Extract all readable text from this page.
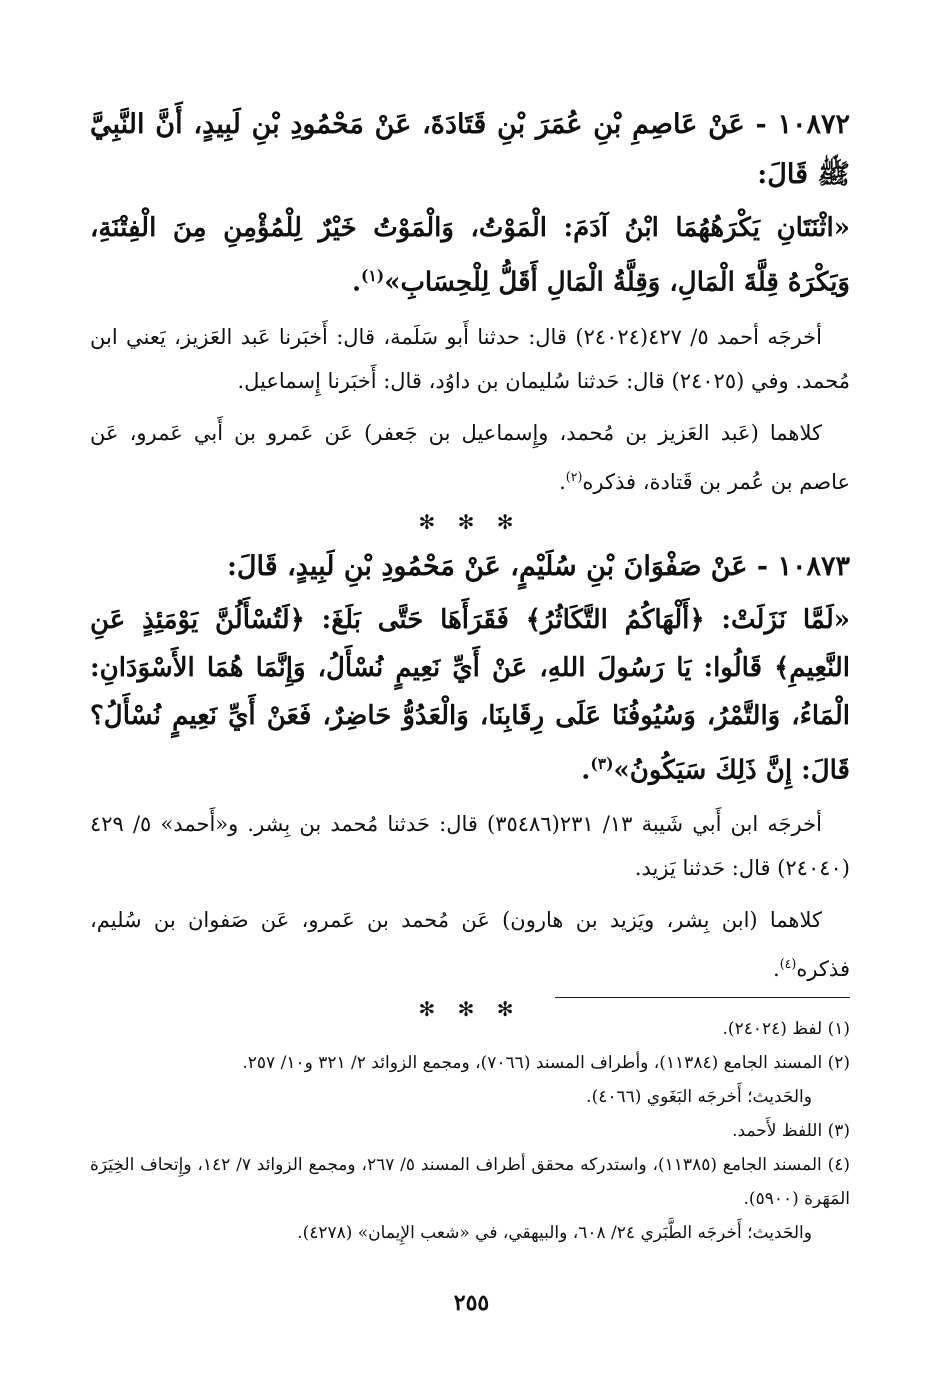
١٠٨٧٢ - عَنْ عَاصِمِ بْنِ عُمَرَ بْنِ قَتَادَةَ، عَنْ مَحْمُودِ بْنِ لَبِيدٍ، أَنَّ النَّبِيَّ ﷺ قَالَ:

«اثْنَتَانِ يَكْرَهُهُمَا ابْنُ آدَمَ: الْمَوْتُ، وَالْمَوْتُ خَيْرٌ لِلْمُؤْمِنِ مِنَ الْفِتْنَةِ، وَيَكْرَهُ قِلَّةَ الْمَالِ، وَقِلَّةُ الْمَالِ أَقَلُّ لِلْحِسَابِ»$^{(١)}$.

أخرجَه أحمد ٥/ ٤٢٧(٢٤٠٢٤) قال: حدثنا أَبو سَلَمة، قال: أَخبَرنا عَبد العَزيز، يَعني ابن مُحمد. وفي (٢٤٠٢٥) قال: حَدثنا سُليمان بن داوُد، قال: أَخبَرنا إِسماعيل.

كلاهما (عَبد العَزيز بن مُحمد، وإِسماعيل بن جَعفر) عَن عَمرو بن أَبي عَمرو، عَن عاصم بن عُمر بن قَتادة، فذكره$^{(٢)}$.

✻ ✻ ✻

١٠٨٧٣ - عَنْ صَفْوَانَ بْنِ سُلَيْمٍ، عَنْ مَحْمُودِ بْنِ لَبِيدٍ، قَالَ:

«لَمَّا نَزَلَتْ: ﴿أَلْهَاكُمُ التَّكَاثُرُ﴾ فَقَرَأَهَا حَتَّى بَلَغَ: ﴿لَتُسْأَلُنَّ يَوْمَئِذٍ عَنِ النَّعِيمِ﴾ قَالُوا: يَا رَسُولَ اللهِ، عَنْ أَيِّ نَعِيمٍ نُسْأَلُ، وَإِنَّمَا هُمَا الأَسْوَدَانِ: الْمَاءُ، وَالتَّمْرُ، وَسُيُوفُنَا عَلَى رِقَابِنَا، وَالْعَدُوُّ حَاضِرٌ، فَعَنْ أَيِّ نَعِيمٍ نُسْأَلُ؟ قَالَ: إِنَّ ذَلِكَ سَيَكُونُ»$^{(٣)}$.

أخرجَه ابن أَبي شَيبة ١٣/ ٢٣١(٣٥٤٨٦) قال: حَدثنا مُحمد بن بِشر. و«أَحمد» ٥/ ٤٢٩ (٢٤٠٤٠) قال: حَدثنا يَزيد.

كلاهما (ابن بِشر، ويَزيد بن هارون) عَن مُحمد بن عَمرو، عَن صَفوان بن سُليم، فذكره$^{(٤)}$.

✻ ✻ ✻

(١) لفظ (٢٤٠٢٤).

(٢) المسند الجامع (١١٣٨٤)، وأطراف المسند (٧٠٦٦)، ومجمع الزوائد ٢/ ٣٢١ و١٠/ ٢٥٧.

والحَديث؛ أَخرجَه البَغَوي (٤٠٦٦).

(٣) اللفظ لأَحمد.

(٤) المسند الجامع (١١٣٨٥)، واستدركه محقق أطراف المسند ٥/ ٢٦٧، ومجمع الزوائد ٧/ ١٤٢، وإِتحاف الخِيَرَة المَهَرة (٥٩٠٠).

والحَديث؛ أَخرجَه الطَّبَري ٢٤/ ٦٠٨، والبيهقي، في «شعب الإِيمان» (٤٢٧٨).

٢٥٥
